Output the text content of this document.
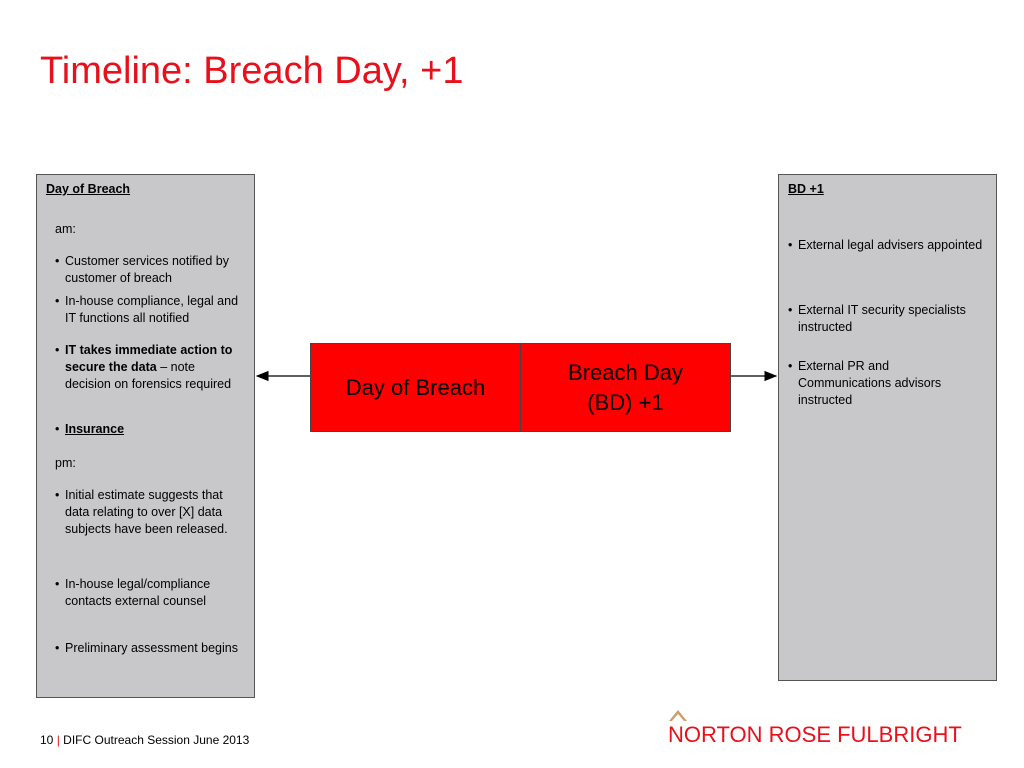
Timeline: Breach Day, +1
Day of Breach
am:
• Customer services notified by customer of breach
• In-house compliance, legal and IT functions all notified
• IT takes immediate action to secure the data – note decision on forensics required
• Insurance
pm:
• Initial estimate suggests that data relating to over [X] data subjects have been released.
• In-house legal/compliance contacts external counsel
• Preliminary assessment begins
BD +1
• External legal advisers appointed
• External IT security specialists instructed
• External PR and Communications advisors instructed
Day of Breach
Breach Day
(BD) +1
10 | DIFC Outreach Session June 2013	NORTON ROSE FULBRIGHT
